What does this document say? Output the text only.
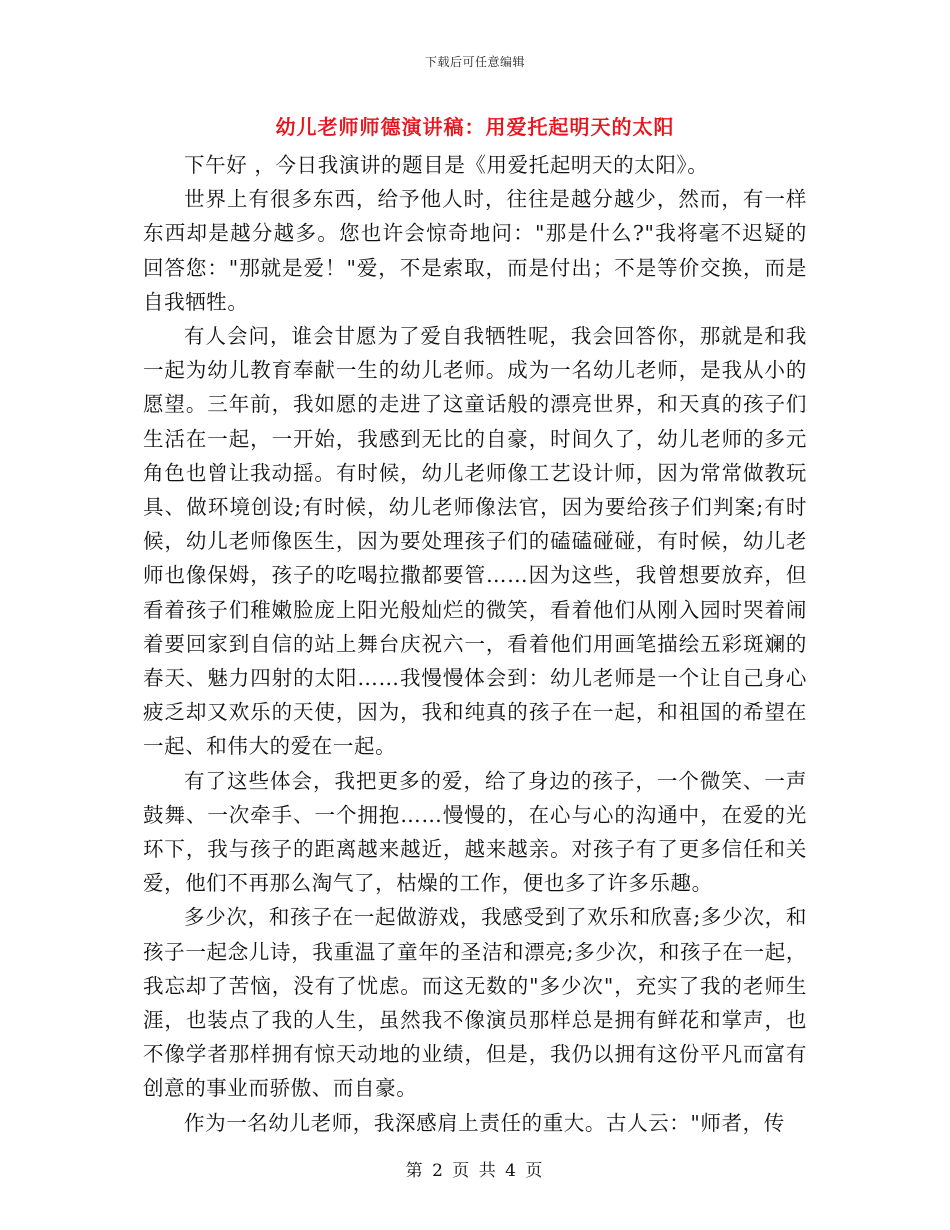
下载后可任意编辑
幼儿老师师德演讲稿：用爱托起明天的太阳

下午好 ，今日我演讲的题目是《用爱托起明天的太阳》。

世界上有很多东西，给予他人时，往往是越分越少，然而，有一样东西却是越分越多。您也许会惊奇地问："那是什么?"我将毫不迟疑的回答您："那就是爱！"爱，不是索取，而是付出；不是等价交换，而是自我牺牲。

有人会问，谁会甘愿为了爱自我牺牲呢，我会回答你，那就是和我一起为幼儿教育奉献一生的幼儿老师。成为一名幼儿老师，是我从小的愿望。三年前，我如愿的走进了这童话般的漂亮世界，和天真的孩子们生活在一起，一开始，我感到无比的自豪，时间久了，幼儿老师的多元角色也曾让我动摇。有时候，幼儿老师像工艺设计师，因为常常做教玩具、做环境创设;有时候，幼儿老师像法官，因为要给孩子们判案;有时候，幼儿老师像医生，因为要处理孩子们的磕磕碰碰，有时候，幼儿老师也像保姆，孩子的吃喝拉撒都要管……因为这些，我曾想要放弃，但看着孩子们稚嫩脸庞上阳光般灿烂的微笑，看着他们从刚入园时哭着闹着要回家到自信的站上舞台庆祝六一，看着他们用画笔描绘五彩斑斓的春天、魅力四射的太阳……我慢慢体会到：幼儿老师是一个让自己身心疲乏却又欢乐的天使，因为，我和纯真的孩子在一起，和祖国的希望在一起、和伟大的爱在一起。

有了这些体会，我把更多的爱，给了身边的孩子，一个微笑、一声鼓舞、一次牵手、一个拥抱……慢慢的，在心与心的沟通中，在爱的光环下，我与孩子的距离越来越近，越来越亲。对孩子有了更多信任和关爱，他们不再那么淘气了，枯燥的工作，便也多了许多乐趣。

多少次，和孩子在一起做游戏，我感受到了欢乐和欣喜;多少次，和孩子一起念儿诗，我重温了童年的圣洁和漂亮;多少次，和孩子在一起，我忘却了苦恼，没有了忧虑。而这无数的"多少次"，充实了我的老师生涯，也装点了我的人生，虽然我不像演员那样总是拥有鲜花和掌声，也不像学者那样拥有惊天动地的业绩，但是，我仍以拥有这份平凡而富有创意的事业而骄傲、而自豪。

作为一名幼儿老师，我深感肩上责任的重大。古人云："师者，传

第 2 页 共 4 页
